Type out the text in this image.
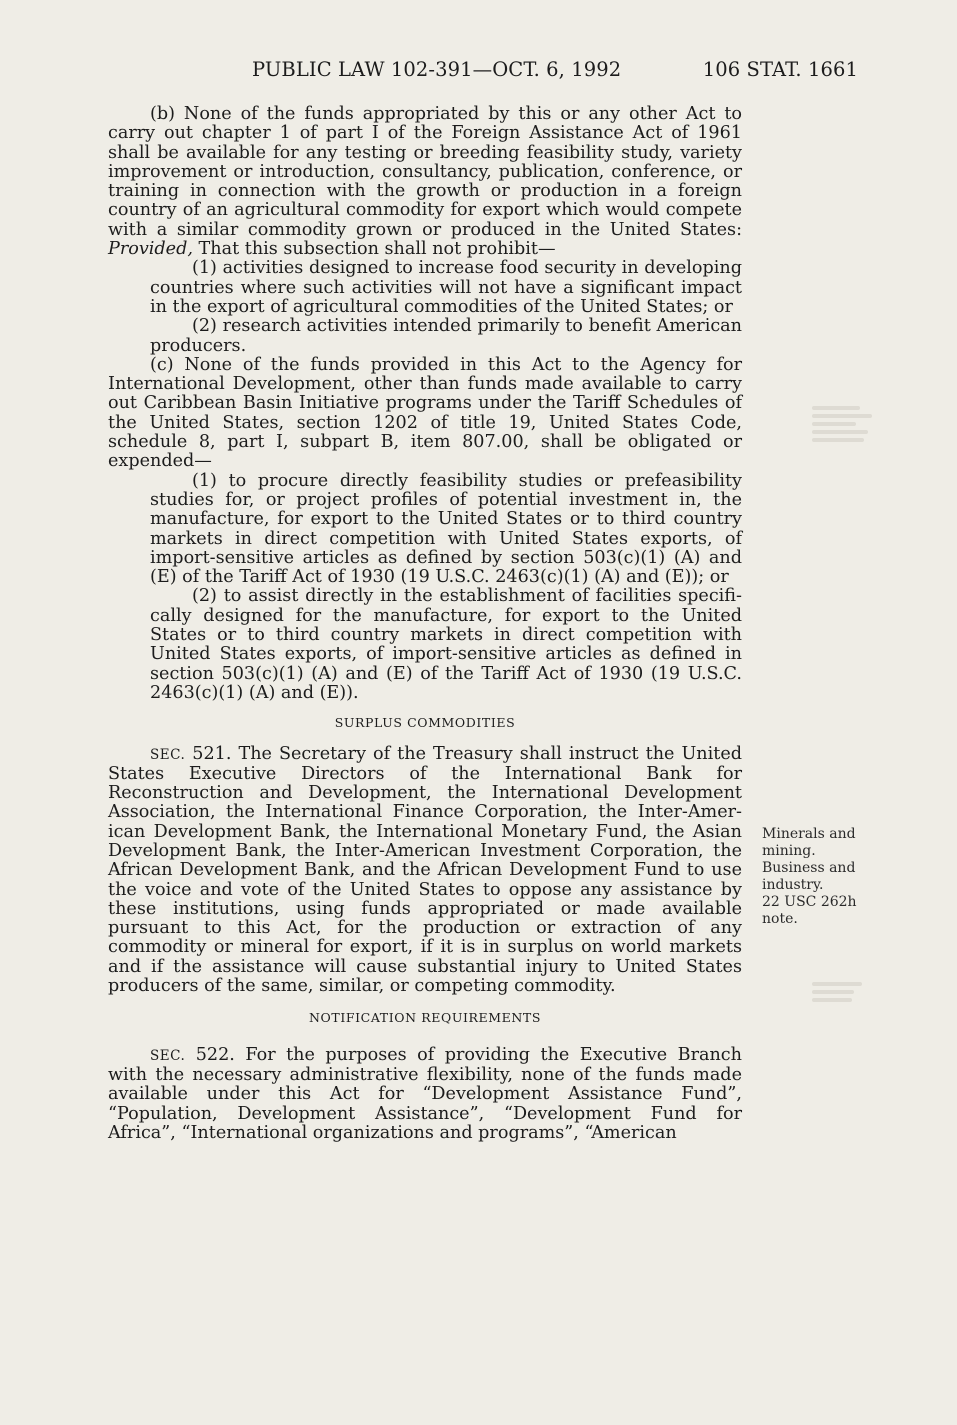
PUBLIC LAW 102-391—OCT. 6, 1992	106 STAT. 1661

(b) None of the funds appropriated by this or any other Act to carry out chapter 1 of part I of the Foreign Assistance Act of 1961 shall be available for any testing or breeding feasibility study, variety improvement or introduction, consultancy, publication, conference, or training in connection with the growth or production in a foreign country of an agricultural commodity for export which would compete with a similar commodity grown or produced in the United States: Provided, That this subsection shall not prohibit—

(1) activities designed to increase food security in developing countries where such activities will not have a significant impact in the export of agricultural commodities of the United States; or

(2) research activities intended primarily to benefit American producers.

(c) None of the funds provided in this Act to the Agency for International Development, other than funds made available to carry out Caribbean Basin Initiative programs under the Tariff Schedules of the United States, section 1202 of title 19, United States Code, schedule 8, part I, subpart B, item 807.00, shall be obligated or expended—

(1) to procure directly feasibility studies or prefeasibility studies for, or project profiles of potential investment in, the manufacture, for export to the United States or to third country markets in direct competition with United States exports, of import-sensitive articles as defined by section 503(c)(1) (A) and (E) of the Tariff Act of 1930 (19 U.S.C. 2463(c)(1) (A) and (E)); or

(2) to assist directly in the establishment of facilities specifically designed for the manufacture, for export to the United States or to third country markets in direct competition with United States exports, of import-sensitive articles as defined in section 503(c)(1) (A) and (E) of the Tariff Act of 1930 (19 U.S.C. 2463(c)(1) (A) and (E)).

SURPLUS COMMODITIES

SEC. 521. The Secretary of the Treasury shall instruct the United States Executive Directors of the International Bank for Reconstruction and Development, the International Development Association, the International Finance Corporation, the Inter-American Development Bank, the International Monetary Fund, the Asian Development Bank, the Inter-American Investment Corporation, the African Development Bank, and the African Development Fund to use the voice and vote of the United States to oppose any assistance by these institutions, using funds appropriated or made available pursuant to this Act, for the production or extraction of any commodity or mineral for export, if it is in surplus on world markets and if the assistance will cause substantial injury to United States producers of the same, similar, or competing commodity.

NOTIFICATION REQUIREMENTS

SEC. 522. For the purposes of providing the Executive Branch with the necessary administrative flexibility, none of the funds made available under this Act for “Development Assistance Fund”, “Population, Development Assistance”, “Development Fund for Africa”, “International organizations and programs”, “American

Minerals and
mining.
Business and
industry.
22 USC 262h
note.
